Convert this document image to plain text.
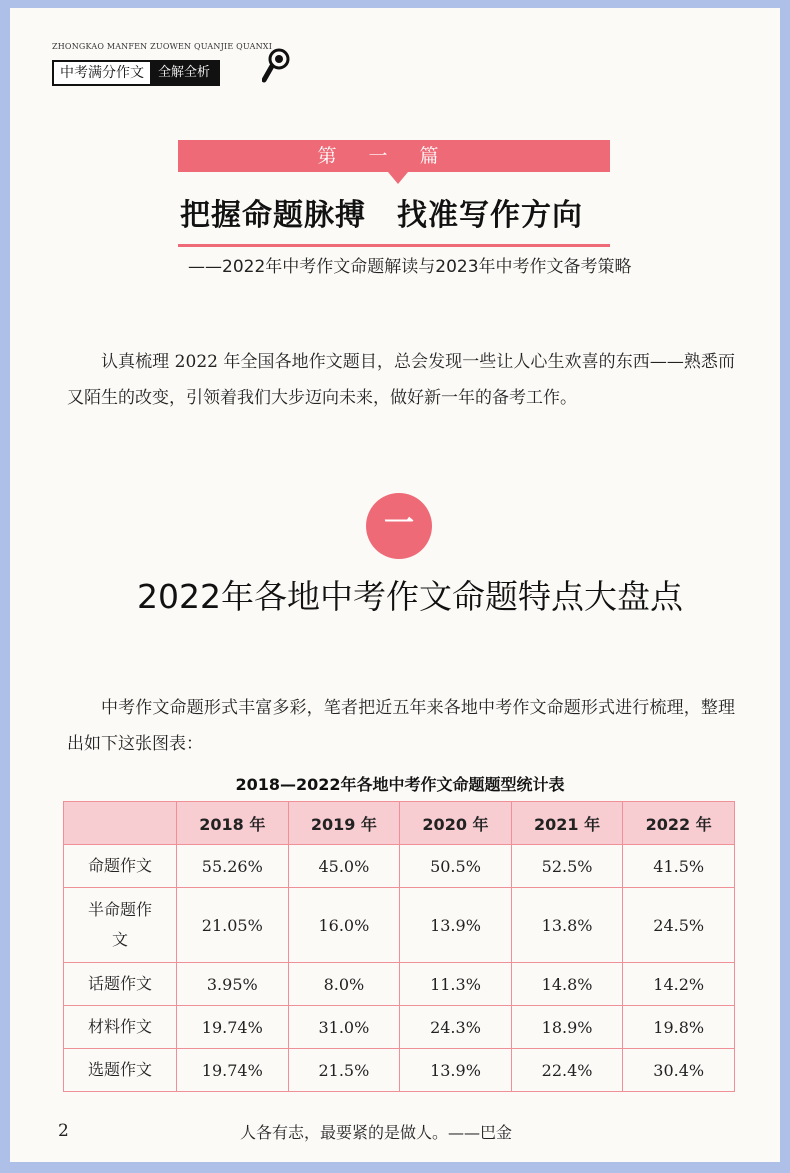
ZHONGKAO MANFEN ZUOWEN QUANJIE QUANXI
中考满分作文	全解全析
第一篇
把握命题脉搏　找准写作方向
——2022年中考作文命题解读与2023年中考作文备考策略
认真梳理 2022 年全国各地作文题目，总会发现一些让人心生欢喜的东西——熟悉而又陌生的改变，引领着我们大步迈向未来，做好新一年的备考工作。
一
2022年各地中考作文命题特点大盘点
中考作文命题形式丰富多彩，笔者把近五年来各地中考作文命题形式进行梳理，整理出如下这张图表：
2018—2022年各地中考作文命题题型统计表
	2018 年	2019 年	2020 年	2021 年	2022 年
命题作文	55.26%	45.0%	50.5%	52.5%	41.5%
半命题作文	21.05%	16.0%	13.9%	13.8%	24.5%
话题作文	3.95%	8.0%	11.3%	14.8%	14.2%
材料作文	19.74%	31.0%	24.3%	18.9%	19.8%
选题作文	19.74%	21.5%	13.9%	22.4%	30.4%
2	人各有志，最要紧的是做人。——巴金
